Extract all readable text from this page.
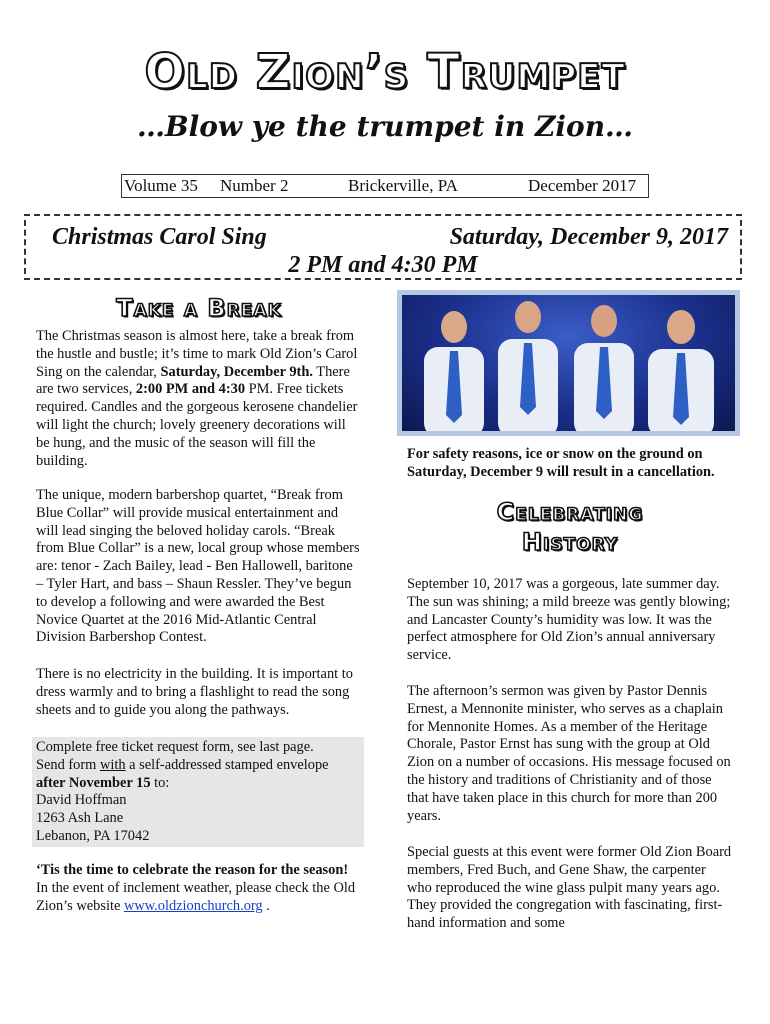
Old Zion’s Trumpet
…Blow ye the trumpet in Zion…
Volume 35 Number 2	Brickerville, PA	December 2017
Christmas Carol Sing	Saturday, December 9, 2017
2 PM and 4:30 PM
Take a Break
The Christmas season is almost here, take a break from the hustle and bustle; it’s time to mark Old Zion’s Carol Sing on the calendar, Saturday, December 9th. There are two services, 2:00 PM and 4:30 PM. Free tickets required. Candles and the gorgeous kerosene chandelier will light the church; lovely greenery decorations will be hung, and the music of the season will fill the building.
The unique, modern barbershop quartet, “Break from Blue Collar” will provide musical entertainment and will lead singing the beloved holiday carols. “Break from Blue Collar” is a new, local group whose members are: tenor - Zach Bailey, lead - Ben Hallowell, baritone – Tyler Hart, and bass – Shaun Ressler. They’ve begun to develop a following and were awarded the Best Novice Quartet at the 2016 Mid-Atlantic Central Division Barbershop Contest.
There is no electricity in the building. It is important to dress warmly and to bring a flashlight to read the song sheets and to guide you along the pathways.
Complete free ticket request form, see last page.
Send form with a self-addressed stamped envelope
after November 15 to:
David Hoffman
1263 Ash Lane
Lebanon, PA 17042
‘Tis the time to celebrate the reason for the season! In the event of inclement weather, please check the Old Zion’s website www.oldzionchurch.org .
For safety reasons, ice or snow on the ground on Saturday, December 9 will result in a cancellation.
Celebrating
History
September 10, 2017 was a gorgeous, late summer day. The sun was shining; a mild breeze was gently blowing; and Lancaster County’s humidity was low. It was the perfect atmosphere for Old Zion’s annual anniversary service.
The afternoon’s sermon was given by Pastor Dennis Ernest, a Mennonite minister, who serves as a chaplain for Mennonite Homes. As a member of the Heritage Chorale, Pastor Ernst has sung with the group at Old Zion on a number of occasions. His message focused on the history and traditions of Christianity and of those that have taken place in this church for more than 200 years.
Special guests at this event were former Old Zion Board members, Fred Buch, and Gene Shaw, the carpenter who reproduced the wine glass pulpit many years ago. They provided the congregation with fascinating, first-hand information and some
